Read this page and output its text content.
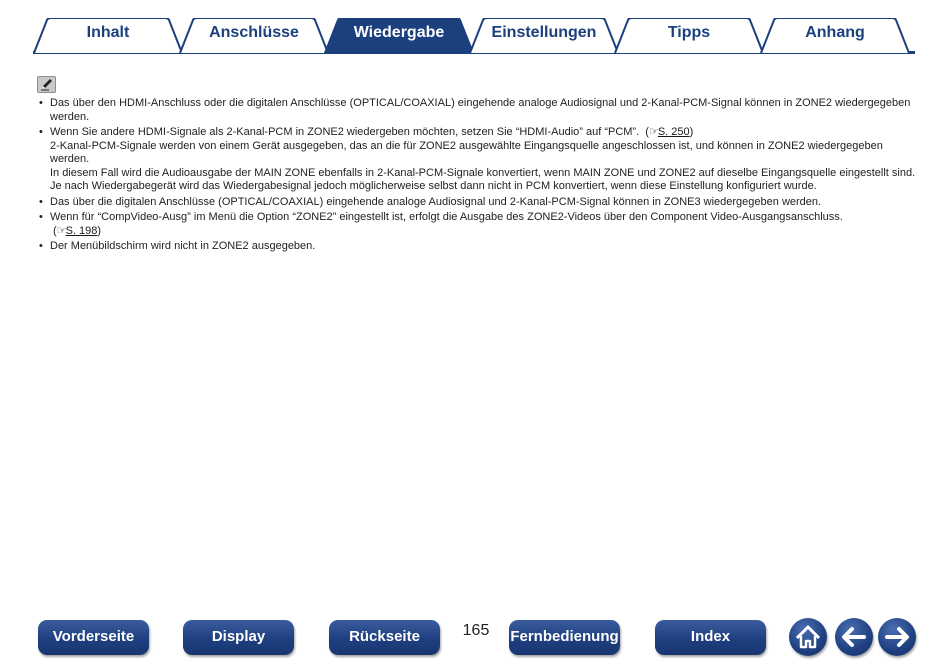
Inhalt	Anschlüsse	Wiedergabe	Einstellungen	Tipps	Anhang
• Das über den HDMI-Anschluss oder die digitalen Anschlüsse (OPTICAL/COAXIAL) eingehende analoge Audiosignal und 2-Kanal-PCM-Signal können in ZONE2 wiedergegeben werden.
• Wenn Sie andere HDMI-Signale als 2-Kanal-PCM in ZONE2 wiedergeben möchten, setzen Sie “HDMI-Audio” auf “PCM”.  (☞S. 250)
2-Kanal-PCM-Signale werden von einem Gerät ausgegeben, das an die für ZONE2 ausgewählte Eingangsquelle angeschlossen ist, und können in ZONE2 wiedergegeben werden.
In diesem Fall wird die Audioausgabe der MAIN ZONE ebenfalls in 2-Kanal-PCM-Signale konvertiert, wenn MAIN ZONE und ZONE2 auf dieselbe Eingangsquelle eingestellt sind. Je nach Wiedergabegerät wird das Wiedergabesignal jedoch möglicherweise selbst dann nicht in PCM konvertiert, wenn diese Einstellung konfiguriert wurde.
• Das über die digitalen Anschlüsse (OPTICAL/COAXIAL) eingehende analoge Audiosignal und 2-Kanal-PCM-Signal können in ZONE3 wiedergegeben werden.
• Wenn für “CompVideo-Ausg” im Menü die Option “ZONE2” eingestellt ist, erfolgt die Ausgabe des ZONE2-Videos über den Component Video-Ausgangsanschluss.
(☞S. 198)
• Der Menübildschirm wird nicht in ZONE2 ausgegeben.
Vorderseite	Display	Rückseite	165	Fernbedienung	Index
